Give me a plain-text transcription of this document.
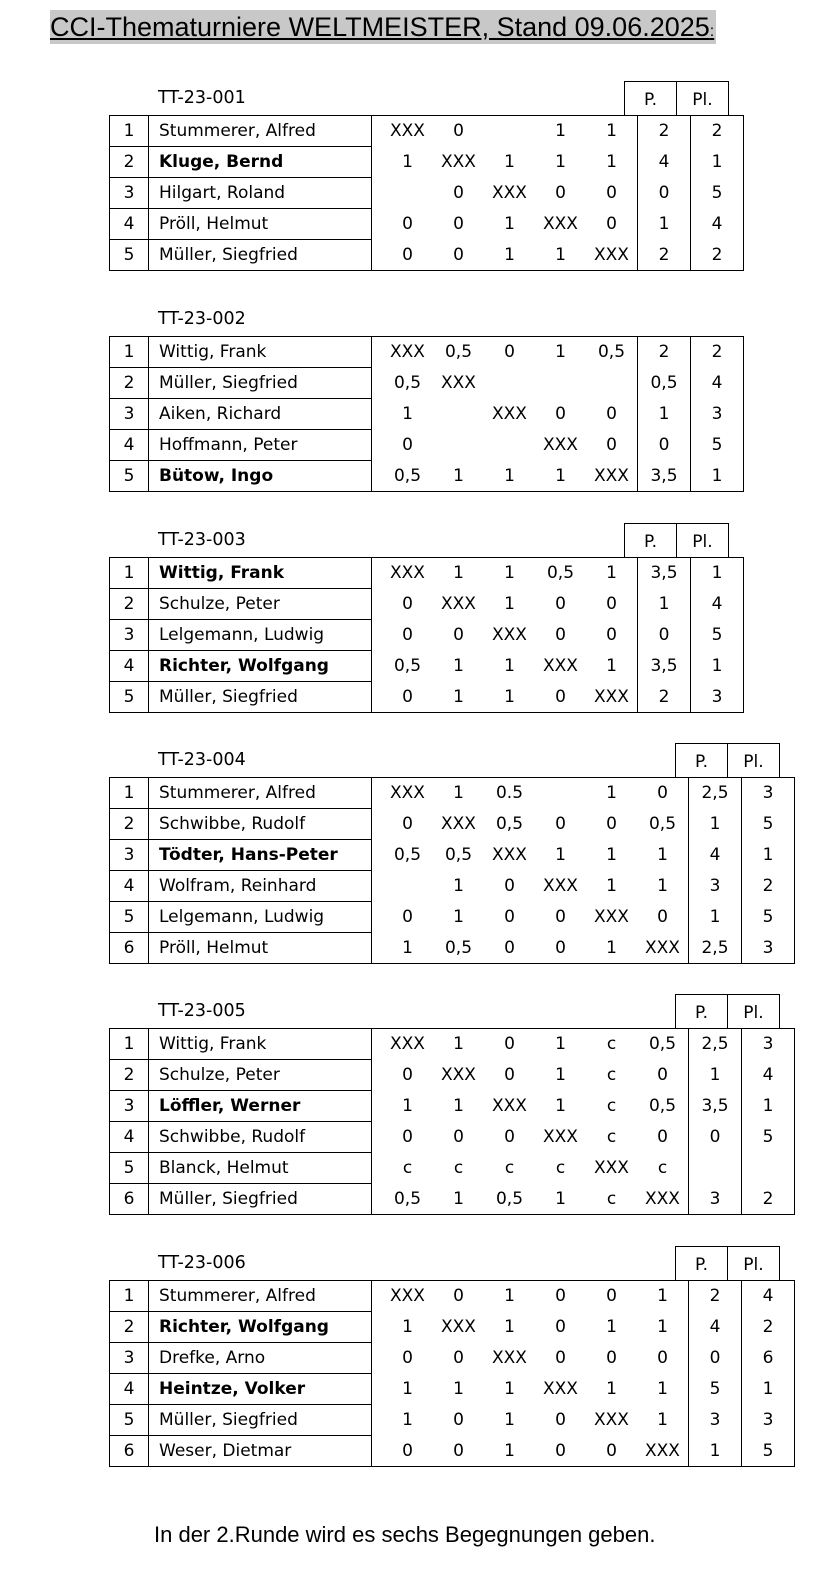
CCI-Thematurniere WELTMEISTER, Stand 09.06.2025:
TT-23-001	P.	Pl.
1	Stummerer, Alfred		XXX	0		1	1	2	2
2	Kluge, Bernd		1	XXX	1	1	1	4	1
3	Hilgart, Roland			0	XXX	0	0	0	5
4	Pröll, Helmut		0	0	1	XXX	0	1	4
5	Müller, Siegfried		0	0	1	1	XXX	2	2
TT-23-002
1	Wittig, Frank		XXX	0,5	0	1	0,5	2	2
2	Müller, Siegfried		0,5	XXX				0,5	4
3	Aiken, Richard		1		XXX	0	0	1	3
4	Hoffmann, Peter		0			XXX	0	0	5
5	Bütow, Ingo		0,5	1	1	1	XXX	3,5	1
TT-23-003	P.	Pl.
1	Wittig, Frank		XXX	1	1	0,5	1	3,5	1
2	Schulze, Peter		0	XXX	1	0	0	1	4
3	Lelgemann, Ludwig		0	0	XXX	0	0	0	5
4	Richter, Wolfgang		0,5	1	1	XXX	1	3,5	1
5	Müller, Siegfried		0	1	1	0	XXX	2	3
TT-23-004	P.	Pl.
1	Stummerer, Alfred		XXX	1	0.5		1	0	2,5	3
2	Schwibbe, Rudolf		0	XXX	0,5	0	0	0,5	1	5
3	Tödter, Hans-Peter		0,5	0,5	XXX	1	1	1	4	1
4	Wolfram, Reinhard			1	0	XXX	1	1	3	2
5	Lelgemann, Ludwig		0	1	0	0	XXX	0	1	5
6	Pröll, Helmut		1	0,5	0	0	1	XXX	2,5	3
TT-23-005	P.	Pl.
1	Wittig, Frank		XXX	1	0	1	c	0,5	2,5	3
2	Schulze, Peter		0	XXX	0	1	c	0	1	4
3	Löffler, Werner		1	1	XXX	1	c	0,5	3,5	1
4	Schwibbe, Rudolf		0	0	0	XXX	c	0	0	5
5	Blanck, Helmut		c	c	c	c	XXX	c		
6	Müller, Siegfried		0,5	1	0,5	1	c	XXX	3	2
TT-23-006	P.	Pl.
1	Stummerer, Alfred		XXX	0	1	0	0	1	2	4
2	Richter, Wolfgang		1	XXX	1	0	1	1	4	2
3	Drefke, Arno		0	0	XXX	0	0	0	0	6
4	Heintze, Volker		1	1	1	XXX	1	1	5	1
5	Müller, Siegfried		1	0	1	0	XXX	1	3	3
6	Weser, Dietmar		0	0	1	0	0	XXX	1	5
In der 2.Runde wird es sechs Begegnungen geben.
